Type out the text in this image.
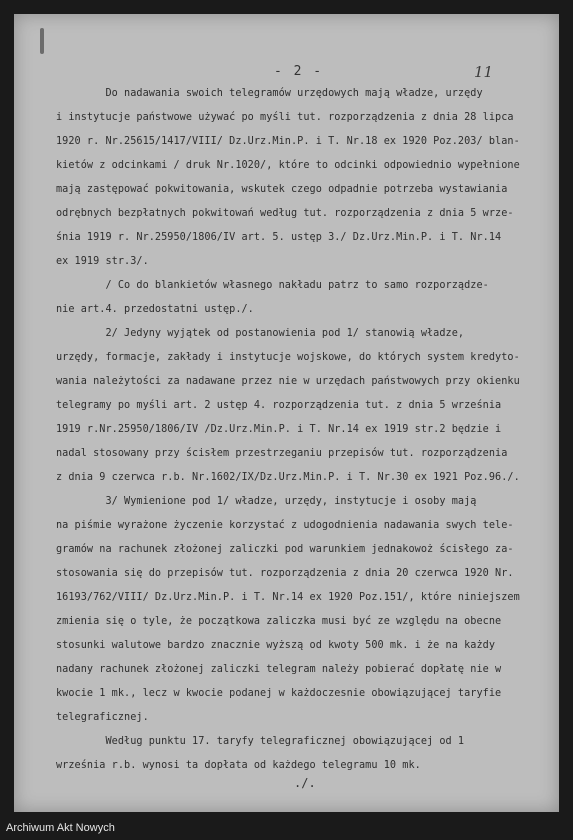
- 2 -	11
Do nadawania swoich telegramów urzędowych mają władze, urzędy
i instytucje państwowe używać po myśli tut. rozporządzenia z dnia 28 lipca
1920 r. Nr.25615/1417/VIII/ Dz.Urz.Min.P. i T. Nr.18 ex 1920 Poz.203/ blan-
kietów z odcinkami / druk Nr.1020/, które to odcinki odpowiednio wypełnione
mają zastępować pokwitowania, wskutek czego odpadnie potrzeba wystawiania
odrębnych bezpłatnych pokwitowań według tut. rozporządzenia z dnia 5 wrze-
śnia 1919 r. Nr.25950/1806/IV art. 5. ustęp 3./ Dz.Urz.Min.P. i T. Nr.14
ex 1919 str.3/.
/ Co do blankietów własnego nakładu patrz to samo rozporządze-
nie art.4. przedostatni ustęp./.
2/ Jedyny wyjątek od postanowienia pod 1/ stanowią władze,
urzędy, formacje, zakłady i instytucje wojskowe, do których system kredyto-
wania należytości za nadawane przez nie w urzędach państwowych przy okienku
telegramy po myśli art. 2 ustęp 4. rozporządzenia tut. z dnia 5 września
1919 r.Nr.25950/1806/IV /Dz.Urz.Min.P. i T. Nr.14 ex 1919 str.2 będzie i
nadal stosowany przy ścisłem przestrzeganiu przepisów tut. rozporządzenia
z dnia 9 czerwca r.b. Nr.1602/IX/Dz.Urz.Min.P. i T. Nr.30 ex 1921 Poz.96./.
3/ Wymienione pod 1/ władze, urzędy, instytucje i osoby mają
na piśmie wyrażone życzenie korzystać z udogodnienia nadawania swych tele-
gramów na rachunek złożonej zaliczki pod warunkiem jednakowoż ścisłego za-
stosowania się do przepisów tut. rozporządzenia z dnia 20 czerwca 1920 Nr.
16193/762/VIII/ Dz.Urz.Min.P. i T. Nr.14 ex 1920 Poz.151/, które niniejszem
zmienia się o tyle, że początkowa zaliczka musi być ze względu na obecne
stosunki walutowe bardzo znacznie wyższą od kwoty 500 mk. i że na każdy
nadany rachunek złożonej zaliczki telegram należy pobierać dopłatę nie w
kwocie 1 mk., lecz w kwocie podanej w każdoczesnie obowiązującej taryfie
telegraficznej.
Według punktu 17. taryfy telegraficznej obowiązującej od 1
września r.b. wynosi ta dopłata od każdego telegramu 10 mk.
./.
Archiwum Akt Nowych
